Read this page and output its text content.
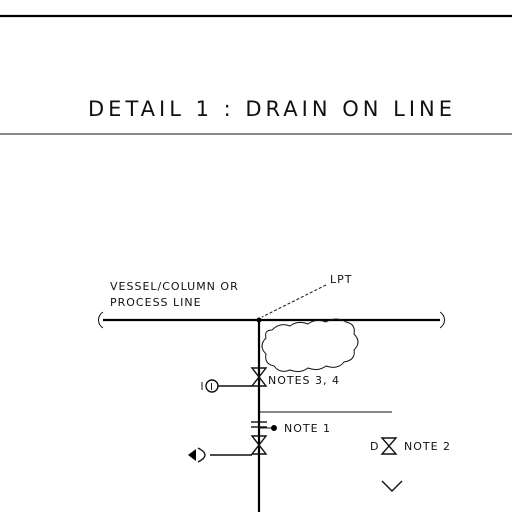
DETAIL 1 : DRAIN ON LINE
VESSEL/COLUMN OR
PROCESS LINE
LPT
NOTES 3, 4
I
NOTE 1
D NOTE 2
